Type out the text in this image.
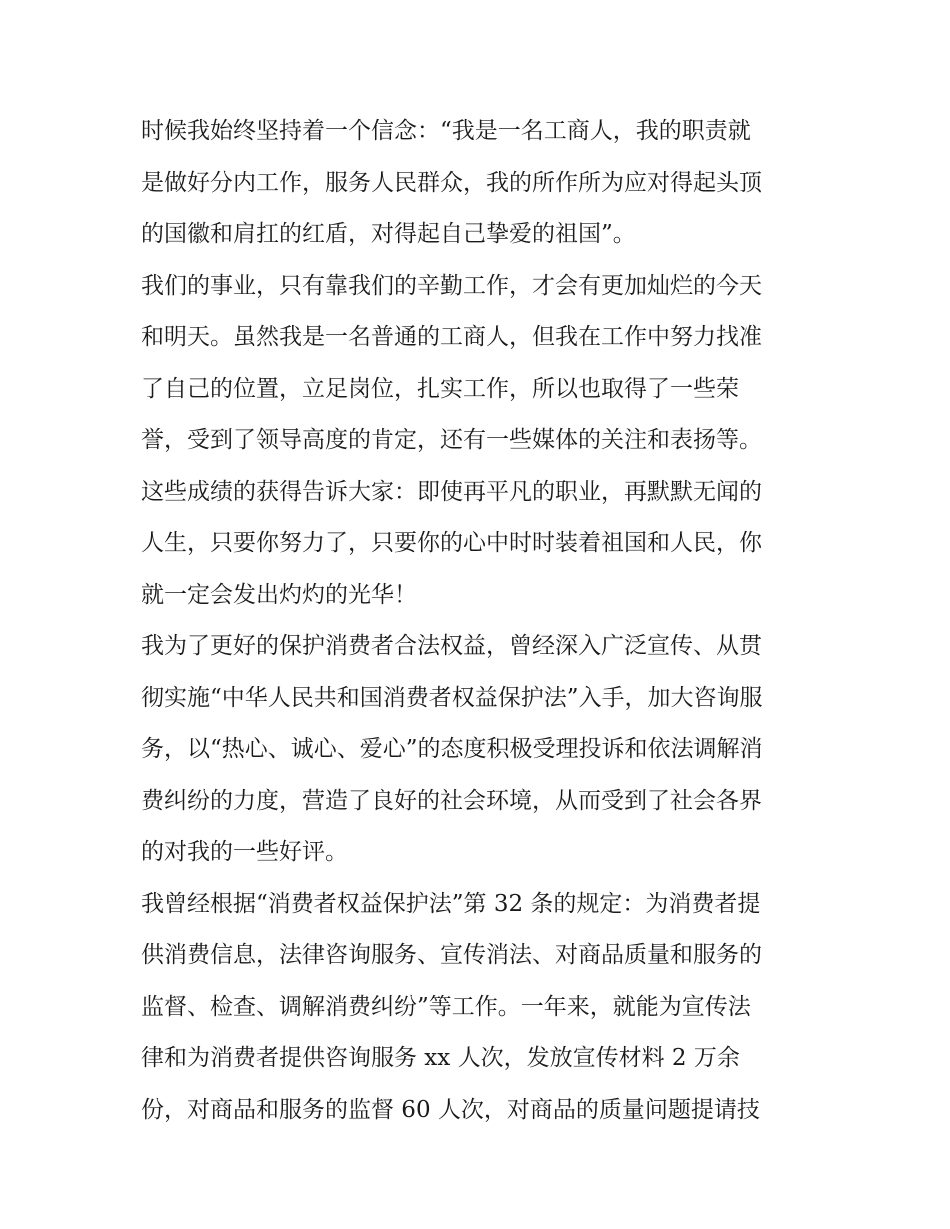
时候我始终坚持着一个信念：“我是一名工商人，我的职责就
是做好分内工作，服务人民群众，我的所作所为应对得起头顶
的国徽和肩扛的红盾，对得起自己挚爱的祖国”。
我们的事业，只有靠我们的辛勤工作，才会有更加灿烂的今天
和明天。虽然我是一名普通的工商人，但我在工作中努力找准
了自己的位置，立足岗位，扎实工作，所以也取得了一些荣
誉，受到了领导高度的肯定，还有一些媒体的关注和表扬等。
这些成绩的获得告诉大家：即使再平凡的职业，再默默无闻的
人生，只要你努力了，只要你的心中时时装着祖国和人民，你
就一定会发出灼灼的光华！
我为了更好的保护消费者合法权益，曾经深入广泛宣传、从贯
彻实施“中华人民共和国消费者权益保护法”入手，加大咨询服
务，以“热心、诚心、爱心”的态度积极受理投诉和依法调解消
费纠纷的力度，营造了良好的社会环境，从而受到了社会各界
的对我的一些好评。
我曾经根据“消费者权益保护法”第 32 条的规定：为消费者提
供消费信息，法律咨询服务、宣传消法、对商品质量和服务的
监督、检查、调解消费纠纷”等工作。一年来，就能为宣传法
律和为消费者提供咨询服务 xx 人次，发放宣传材料 2 万余
份，对商品和服务的监督 60 人次，对商品的质量问题提请技
